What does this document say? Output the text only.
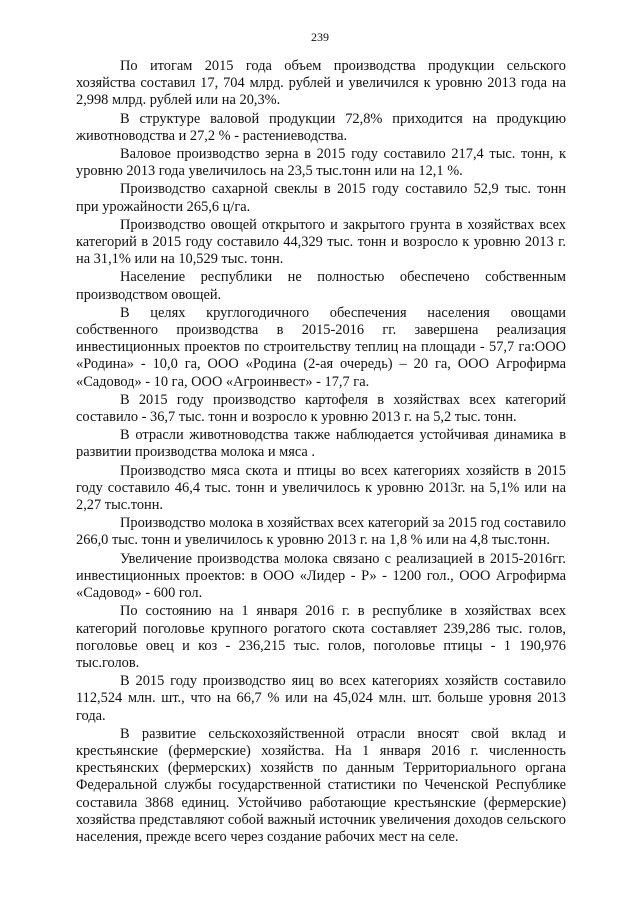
239

По итогам 2015 года объем производства продукции сельского хозяйства составил 17, 704 млрд. рублей и увеличился к уровню 2013 года на 2,998 млрд. рублей или на 20,3%.

В структуре валовой продукции 72,8% приходится на продукцию животноводства и 27,2 % - растениеводства.

Валовое производство зерна в 2015 году составило 217,4 тыс. тонн, к уровню 2013 года увеличилось на 23,5 тыс.тонн или на 12,1 %.

Производство сахарной свеклы в 2015 году составило 52,9 тыс. тонн при урожайности 265,6 ц/га.

Производство овощей открытого и закрытого грунта в хозяйствах всех категорий в 2015 году составило 44,329 тыс. тонн и возросло к уровню 2013 г. на 31,1% или на 10,529 тыс. тонн.

Население республики не полностью обеспечено собственным производством овощей.

В целях круглогодичного обеспечения населения овощами собственного производства в 2015-2016 гг. завершена реализация инвестиционных проектов по строительству теплиц на площади - 57,7 га:ООО «Родина» - 10,0 га, ООО «Родина (2-ая очередь) – 20 га, ООО Агрофирма «Садовод» - 10 га, ООО «Агроинвест» - 17,7 га.

В 2015 году производство картофеля в хозяйствах всех категорий составило - 36,7 тыс. тонн и возросло к уровню 2013 г. на 5,2 тыс. тонн.

В отрасли животноводства также наблюдается устойчивая динамика в развитии производства молока и мяса .

Производство мяса скота и птицы во всех категориях хозяйств в 2015 году составило 46,4 тыс. тонн и увеличилось к уровню 2013г. на 5,1% или на 2,27 тыс.тонн.

Производство молока в хозяйствах всех категорий за 2015 год составило 266,0 тыс. тонн и увеличилось к уровню 2013 г. на 1,8 % или на 4,8 тыс.тонн.

Увеличение производства молока связано с реализацией в 2015-2016гг. инвестиционных проектов: в ООО «Лидер - Р» - 1200 гол., ООО Агрофирма «Садовод» - 600 гол.

По состоянию на 1 января 2016 г. в республике в хозяйствах всех категорий поголовье крупного рогатого скота составляет 239,286 тыс. голов, поголовье овец и коз - 236,215 тыс. голов, поголовье птицы - 1 190,976 тыс.голов.

В 2015 году производство яиц во всех категориях хозяйств составило 112,524 млн. шт., что на 66,7 % или на 45,024 млн. шт. больше уровня 2013 года.

В развитие сельскохозяйственной отрасли вносят свой вклад и крестьянские (фермерские) хозяйства. На 1 января 2016 г. численность крестьянских (фермерских) хозяйств по данным Территориального органа Федеральной службы государственной статистики по Чеченской Республике составила 3868 единиц. Устойчиво работающие крестьянские (фермерские) хозяйства представляют собой важный источник увеличения доходов сельского населения, прежде всего через создание рабочих мест на селе.
